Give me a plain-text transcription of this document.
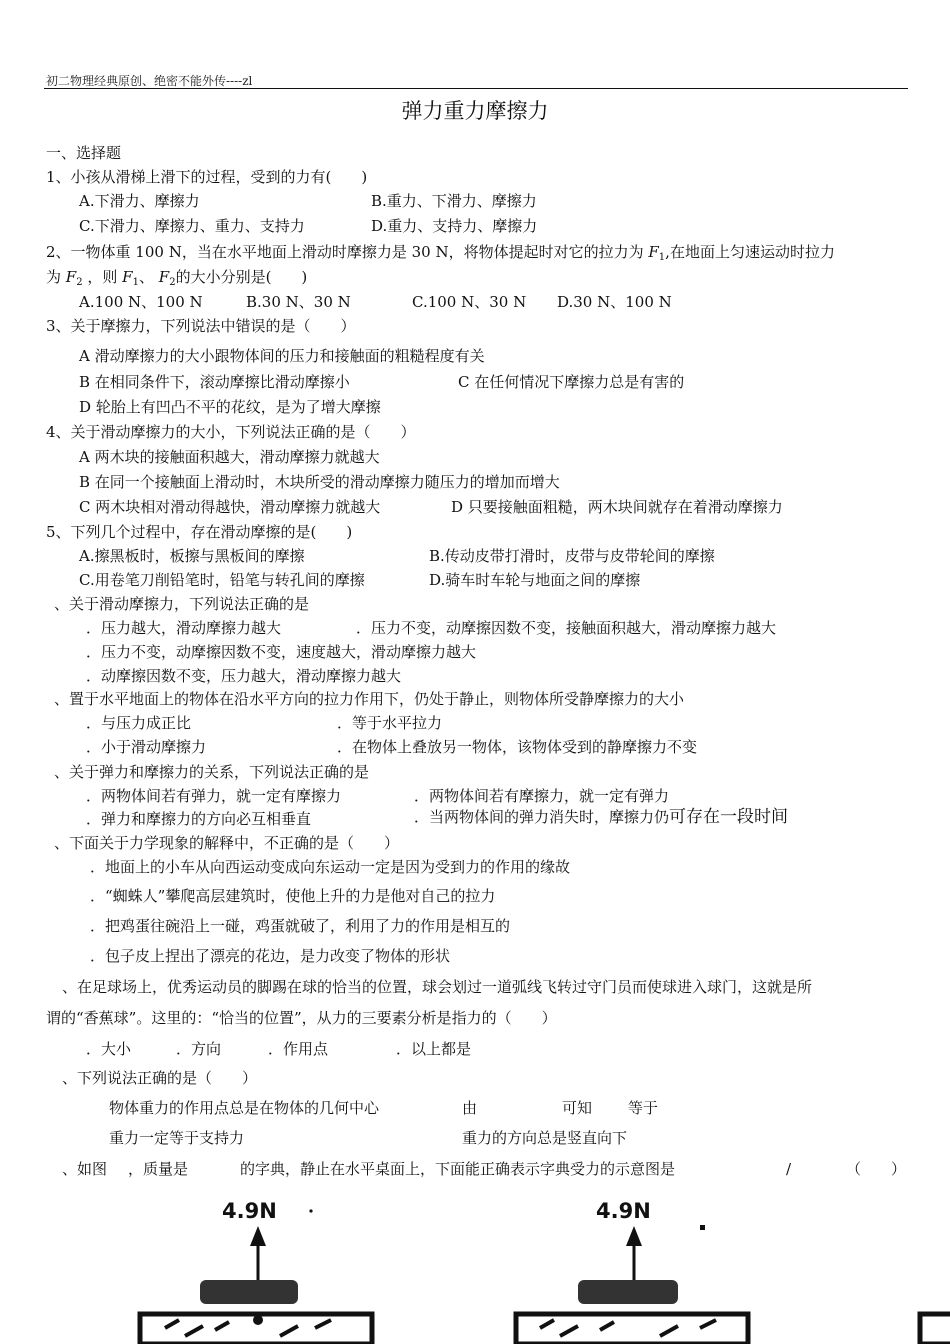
初二物理经典原创、绝密不能外传----zl
弹力重力摩擦力
一、选择题
1、小孩从滑梯上滑下的过程，受到的力有(　　)
A.下滑力、摩擦力	B.重力、下滑力、摩擦力
C.下滑力、摩擦力、重力、支持力	D.重力、支持力、摩擦力
2、一物体重 100 N，当在水平地面上滑动时摩擦力是 30 N，将物体提起时对它的拉力为 $F_1$,在地面上匀速运动时拉力
为 $F_2$ ，则 $F_1$、 $F_2$的大小分别是(　　)
A.100 N、100 N	B.30 N、30 N	C.100 N、30 N D.30 N、100 N
3、关于摩擦力，下列说法中错误的是（　　）
A 滑动摩擦力的大小跟物体间的压力和接触面的粗糙程度有关
B 在相同条件下，滚动摩擦比滑动摩擦小	C 在任何情况下摩擦力总是有害的
D 轮胎上有凹凸不平的花纹，是为了增大摩擦
4、关于滑动摩擦力的大小，下列说法正确的是（　　）
A 两木块的接触面积越大，滑动摩擦力就越大
B 在同一个接触面上滑动时，木块所受的滑动摩擦力随压力的增加而增大
C 两木块相对滑动得越快，滑动摩擦力就越大	D 只要接触面粗糙，两木块间就存在着滑动摩擦力
5、下列几个过程中，存在滑动摩擦的是(　　)
A.擦黑板时，板擦与黑板间的摩擦	B.传动皮带打滑时，皮带与皮带轮间的摩擦
C.用卷笔刀削铅笔时，铅笔与转孔间的摩擦	D.骑车时车轮与地面之间的摩擦
、关于滑动摩擦力，下列说法正确的是
．压力越大，滑动摩擦力越大	．压力不变，动摩擦因数不变，接触面积越大，滑动摩擦力越大
．压力不变，动摩擦因数不变，速度越大，滑动摩擦力越大
．动摩擦因数不变，压力越大，滑动摩擦力越大
、置于水平地面上的物体在沿水平方向的拉力作用下，仍处于静止，则物体所受静摩擦力的大小
．与压力成正比	．等于水平拉力
．小于滑动摩擦力	．在物体上叠放另一物体，该物体受到的静摩擦力不变
、关于弹力和摩擦力的关系，下列说法正确的是
．两物体间若有弹力，就一定有摩擦力	．两物体间若有摩擦力，就一定有弹力
．弹力和摩擦力的方向必互相垂直	．当两物体间的弹力消失时，摩擦力仍可存在一段时间
、下面关于力学现象的解释中，不正确的是（　　）
．地面上的小车从向西运动变成向东运动一定是因为受到力的作用的缘故
．“蜘蛛人”攀爬高层建筑时，使他上升的力是他对自己的拉力
．把鸡蛋往碗沿上一碰，鸡蛋就破了，利用了力的作用是相互的
．包子皮上捏出了漂亮的花边，是力改变了物体的形状
、在足球场上，优秀运动员的脚踢在球的恰当的位置，球会划过一道弧线飞转过守门员而使球进入球门，这就是所
谓的“香蕉球”。这里的：“恰当的位置”，从力的三要素分析是指力的（　　）
．大小	．方向	．作用点	．以上都是
、下列说法正确的是（　　）
物体重力的作用点总是在物体的几何中心	由	可知 等于
重力一定等于支持力	重力的方向总是竖直向下
、如图 ，质量是	的字典，静止在水平桌面上，下面能正确表示字典受力的示意图是	/	（　　）
4.9N	4.9N
